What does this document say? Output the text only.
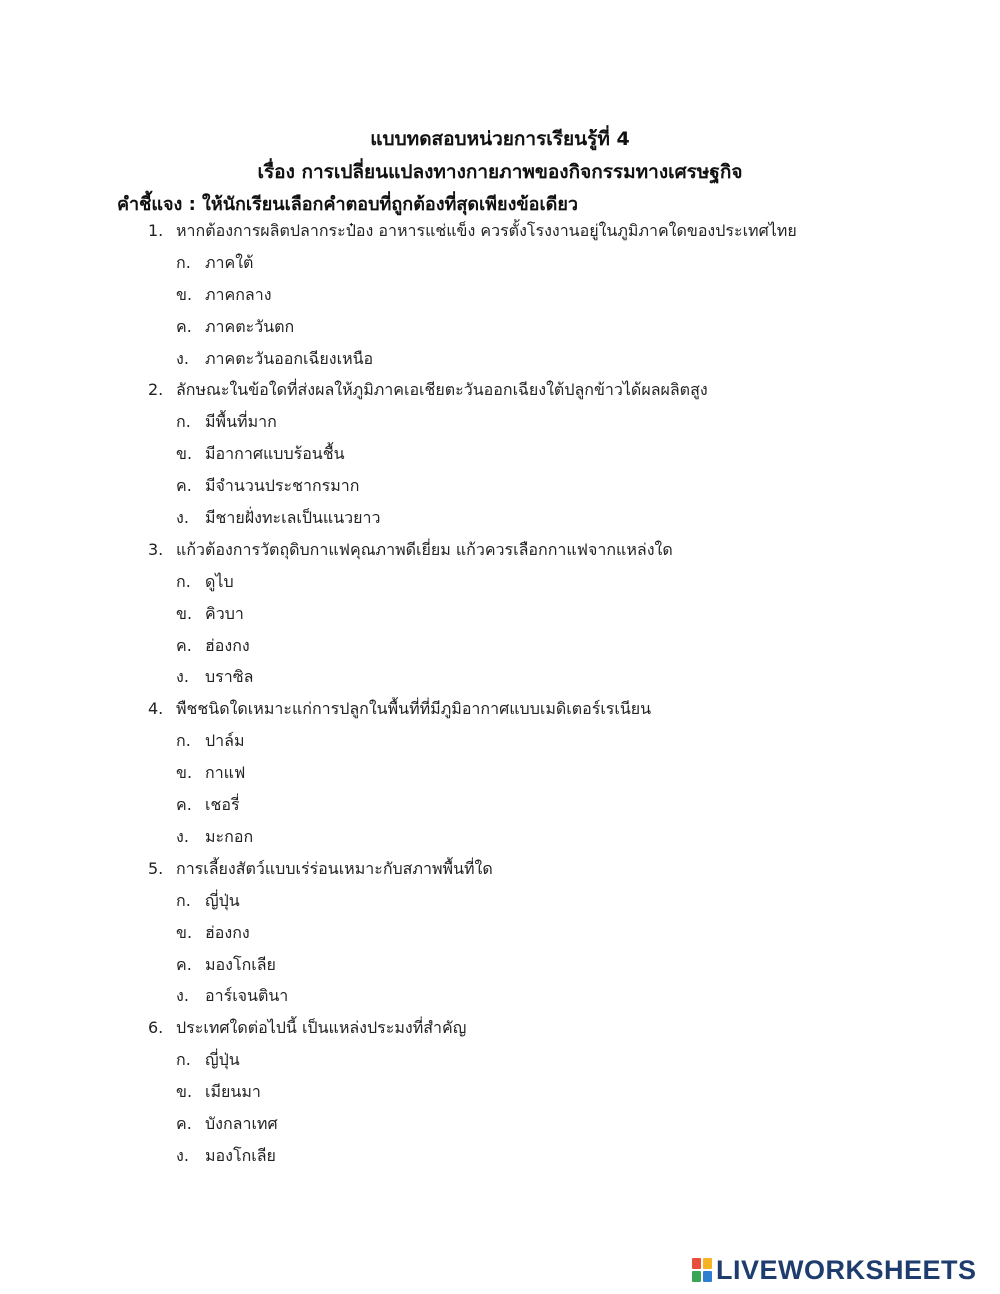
แบบทดสอบหน่วยการเรียนรู้ที่ 4
เรื่อง การเปลี่ยนแปลงทางกายภาพของกิจกรรมทางเศรษฐกิจ
คำชี้แจง : ให้นักเรียนเลือกคำตอบที่ถูกต้องที่สุดเพียงข้อเดียว
1. หากต้องการผลิตปลากระป๋อง อาหารแช่แข็ง ควรตั้งโรงงานอยู่ในภูมิภาคใดของประเทศไทย
ก. ภาคใต้
ข. ภาคกลาง
ค. ภาคตะวันตก
ง. ภาคตะวันออกเฉียงเหนือ
2. ลักษณะในข้อใดที่ส่งผลให้ภูมิภาคเอเชียตะวันออกเฉียงใต้ปลูกข้าวได้ผลผลิตสูง
ก. มีพื้นที่มาก
ข. มีอากาศแบบร้อนชื้น
ค. มีจำนวนประชากรมาก
ง. มีชายฝั่งทะเลเป็นแนวยาว
3. แก้วต้องการวัตถุดิบกาแฟคุณภาพดีเยี่ยม แก้วควรเลือกกาแฟจากแหล่งใด
ก. ดูไบ
ข. คิวบา
ค. ฮ่องกง
ง. บราซิล
4. พืชชนิดใดเหมาะแก่การปลูกในพื้นที่ที่มีภูมิอากาศแบบเมดิเตอร์เรเนียน
ก. ปาล์ม
ข. กาแฟ
ค. เชอรี่
ง. มะกอก
5. การเลี้ยงสัตว์แบบเร่ร่อนเหมาะกับสภาพพื้นที่ใด
ก. ญี่ปุ่น
ข. ฮ่องกง
ค. มองโกเลีย
ง. อาร์เจนตินา
6. ประเทศใดต่อไปนี้ เป็นแหล่งประมงที่สำคัญ
ก. ญี่ปุ่น
ข. เมียนมา
ค. บังกลาเทศ
ง. มองโกเลีย
LIVEWORKSHEETS
